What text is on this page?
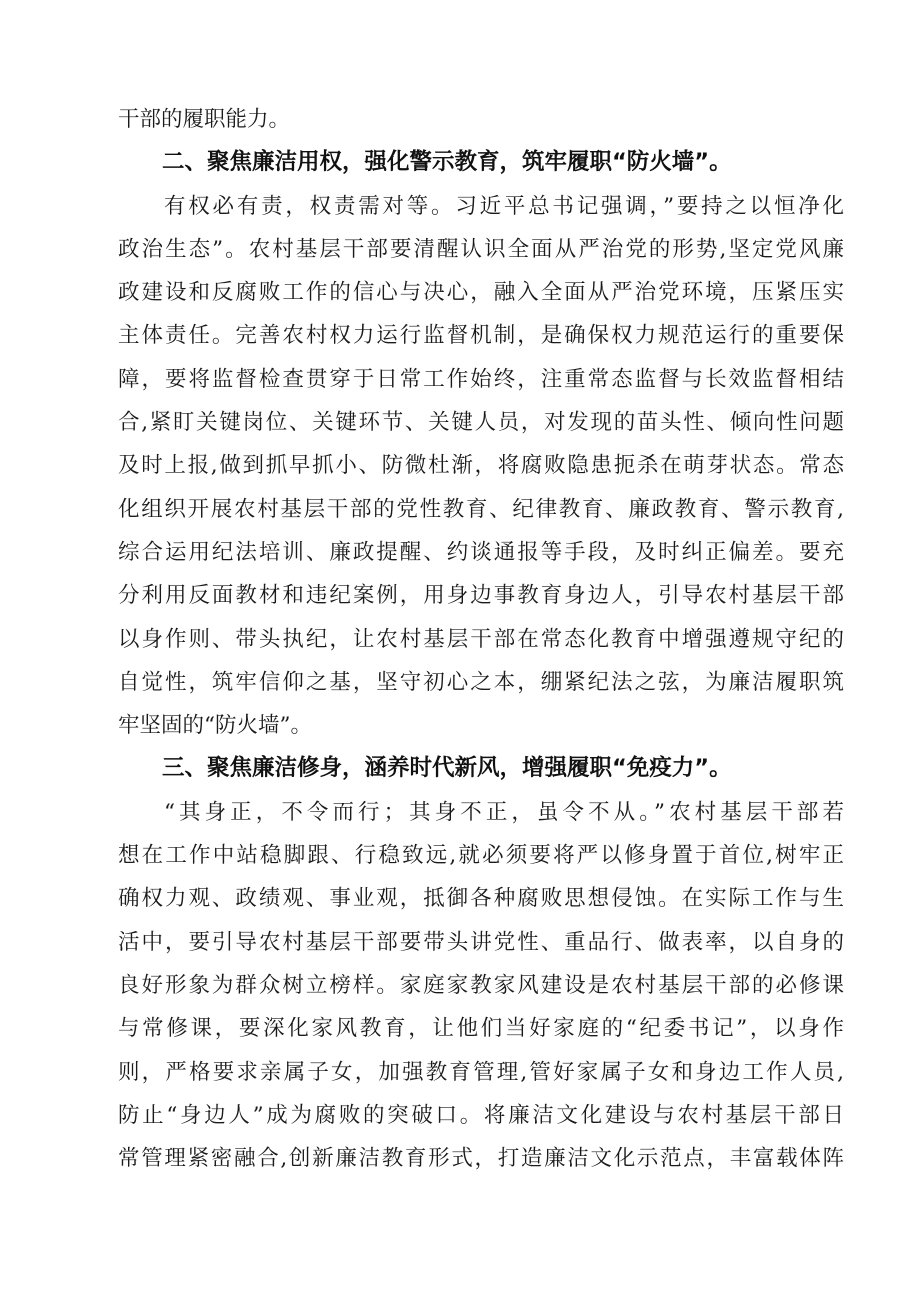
干部的履职能力。
二、聚焦廉洁用权，强化警示教育，筑牢履职“防火墙”。
有权必有责，权责需对等。习近平总书记强调，”要持之以恒净化
政治生态”。农村基层干部要清醒认识全面从严治党的形势,坚定党风廉
政建设和反腐败工作的信心与决心，融入全面从严治党环境，压紧压实
主体责任。完善农村权力运行监督机制，是确保权力规范运行的重要保
障，要将监督检查贯穿于日常工作始终，注重常态监督与长效监督相结
合,紧盯关键岗位、关键环节、关键人员，对发现的苗头性、倾向性问题
及时上报,做到抓早抓小、防微杜渐，将腐败隐患扼杀在萌芽状态。常态
化组织开展农村基层干部的党性教育、纪律教育、廉政教育、警示教育,
综合运用纪法培训、廉政提醒、约谈通报等手段，及时纠正偏差。要充
分利用反面教材和违纪案例，用身边事教育身边人，引导农村基层干部
以身作则、带头执纪，让农村基层干部在常态化教育中增强遵规守纪的
自觉性，筑牢信仰之基，坚守初心之本，绷紧纪法之弦，为廉洁履职筑
牢坚固的“防火墙”。
三、聚焦廉洁修身，涵养时代新风，增强履职“免疫力”。
“其身正，不令而行；其身不正，虽令不从。”农村基层干部若
想在工作中站稳脚跟、行稳致远,就必须要将严以修身置于首位,树牢正
确权力观、政绩观、事业观，抵御各种腐败思想侵蚀。在实际工作与生
活中，要引导农村基层干部要带头讲党性、重品行、做表率，以自身的
良好形象为群众树立榜样。家庭家教家风建设是农村基层干部的必修课
与常修课，要深化家风教育，让他们当好家庭的“纪委书记”，以身作
则，严格要求亲属子女，加强教育管理,管好家属子女和身边工作人员,
防止“身边人”成为腐败的突破口。将廉洁文化建设与农村基层干部日
常管理紧密融合,创新廉洁教育形式，打造廉洁文化示范点，丰富载体阵
